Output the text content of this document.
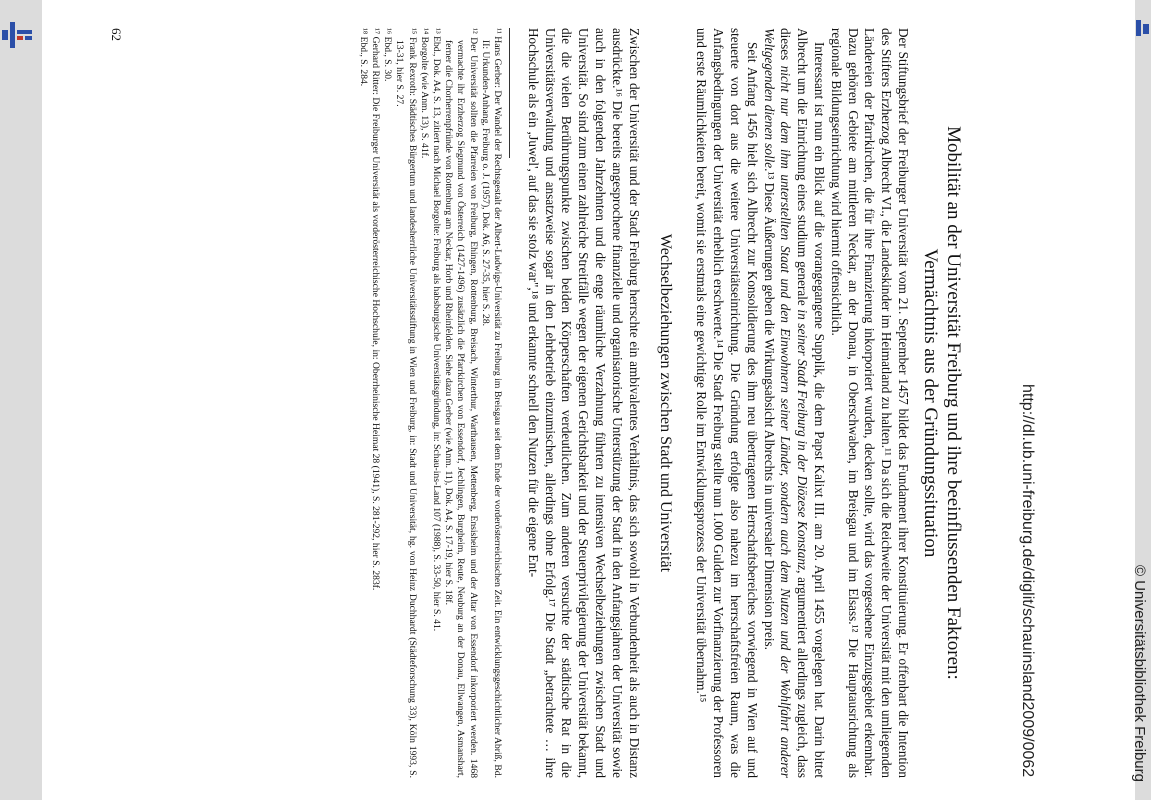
http://dl.ub.uni-freiburg.de/diglit/schauinsland2009/0062	© Universitätsbibliothek Freiburg
Mobilität an der Universität Freiburg und ihre beeinflussenden Faktoren:
Vermächtnis aus der Gründungssituation

Der Stiftungsbrief der Freiburger Universität vom 21. September 1457 bildet das Fundament ihrer Konstituierung. Er offenbart die Intention des Stifters Erzherzog Albrecht VI., die Landeskinder im Heimatland zu halten.¹¹ Da sich die Reichweite der Universität mit den umliegenden Ländereien der Pfarrkirchen, die für ihre Finanzierung inkorporiert wurden, decken sollte, wird das vorgesehene Einzugsgebiet erkennbar. Dazu gehören Gebiete am mittleren Neckar, an der Donau, in Oberschwaben, im Breisgau und im Elsass.¹² Die Hauptausrichtung als regionale Bildungseinrichtung wird hiermit offensichtlich.

Interessant ist nun ein Blick auf die vorangegangene Supplik, die dem Papst Kalixt III. am 20. April 1455 vorgelegen hat. Darin bittet Albrecht um die Einrichtung eines studium generale in seiner Stadt Freiburg in der Diözese Konstanz, argumentiert allerdings zugleich, dass dieses nicht nur dem ihm unterstellten Staat und den Einwohnern seiner Länder, sondern auch dem Nutzen und der Wohlfahrt anderer Weltgegenden dienen solle.¹³ Diese Äußerungen geben die Wirkungsabsicht Albrechts in universaler Dimension preis.

Seit Anfang 1456 hielt sich Albrecht zur Konsolidierung des ihm neu übertragenen Herrschaftsbereiches vorwiegend in Wien auf und steuerte von dort aus die weitere Universitätseinrichtung. Die Gründung erfolgte also nahezu im herrschaftsfreien Raum, was die Anfangsbedingungen der Universität erheblich erschwerte.¹⁴ Die Stadt Freiburg stellte nun 1.000 Gulden zur Vorfinanzierung der Professoren und erste Räumlichkeiten bereit, womit sie erstmals eine gewichtige Rolle im Entwicklungsprozess der Universität übernahm.¹⁵

Wechselbeziehungen zwischen Stadt und Universität

Zwischen der Universität und der Stadt Freiburg herrschte ein ambivalentes Verhältnis, das sich sowohl in Verbundenheit als auch in Distanz ausdrückte.¹⁶ Die bereits angesprochene finanzielle und organisatorische Unterstützung der Stadt in den Anfangsjahren der Universität sowie auch in den folgenden Jahrzehnten und die enge räumliche Verzahnung führten zu intensiven Wechselbeziehungen zwischen Stadt und Universität. So sind zum einen zahlreiche Streitfälle wegen der eigenen Gerichtsbarkeit und der Steuerprivilegierung der Universität bekannt, die die vielen Berührungspunkte zwischen beiden Körperschaften verdeutlichen. Zum anderen versuchte der städtische Rat in die Universitätsverwaltung und ansatzweise sogar in den Lehrbetrieb einzumischen, allerdings ohne Erfolg.¹⁷ Die Stadt „betrachtete … ihre Hochschule als ein ‚Juwel', auf das sie stolz war",¹⁸ und erkannte schnell den Nutzen für die eigene Ent-

¹¹ Hans Gerber: Der Wandel der Rechtsgestalt der Albert-Ludwigs-Universität zu Freiburg im Breisgau seit dem Ende der vorderösterreichischen Zeit. Ein entwicklungsgeschichtlicher Abriß, Bd. II: Urkunden-Anhang, Freiburg o. J. (1957), Dok. A6, S. 27-35, hier S. 28.

¹² Der Universität sollten die Pfarreien von Freiburg, Ehingen, Rottenburg, Breisach, Winterthur, Warthausen, Mettenberg, Ensisheim und der Altar von Essendorf inkorporiert werden. 1468 vermachte ihr Erzherzog Siegmund von Österreich (1427-1496) zusätzlich die Pfarrkirchen von Essendorf, Jechlingen, Burgheim, Reute, Neuburg an der Donau, Ellwangen, Asmanshart, ferner die Chorherrenpfründe von Rottenburg am Neckar, Horb und Rheinfelden. Siehe dazu Gerber (wie Anm. 11), Dok. A4, S. 17-19, hier S. 18f.

¹³ Ebd., Dok. A4, S. 13, zitiert nach Michael Borgolte: Freiburg als habsburgische Universitätsgründung, in: Schau-ins-Land 107 (1988), S. 33-50, hier S. 41.

¹⁴ Borgolte (wie Anm. 13), S. 41f.

¹⁵ Frank Rexroth: Städtisches Bürgertum und landesherrliche Universitätsstiftung in Wien und Freiburg, in: Stadt und Universität, hg. von Heinz Duchhardt (Städteforschung 33), Köln 1993, S. 13-31, hier S. 27.

¹⁶ Ebd., S. 30.

¹⁷ Gerhard Ritter: Die Freiburger Universität als vorderösterreichische Hochschule, in: Oberrheinische Heimat 28 (1941), S. 281-292, hier S. 283f.

¹⁸ Ebd., S. 284.

62
